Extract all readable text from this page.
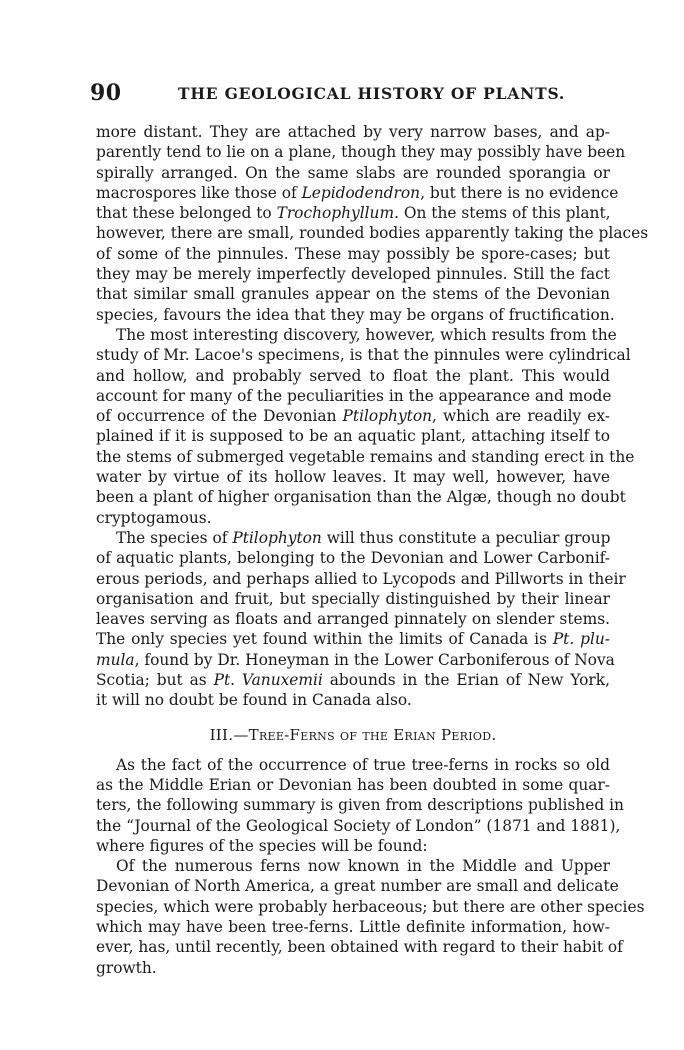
90	THE GEOLOGICAL HISTORY OF PLANTS.
more distant. They are attached by very narrow bases, and ap-
parently tend to lie on a plane, though they may possibly have been
spirally arranged. On the same slabs are rounded sporangia or
macrospores like those of Lepidodendron, but there is no evidence
that these belonged to Trochophyllum. On the stems of this plant,
however, there are small, rounded bodies apparently taking the places
of some of the pinnules. These may possibly be spore-cases; but
they may be merely imperfectly developed pinnules. Still the fact
that similar small granules appear on the stems of the Devonian
species, favours the idea that they may be organs of fructification.
The most interesting discovery, however, which results from the
study of Mr. Lacoe's specimens, is that the pinnules were cylindrical
and hollow, and probably served to float the plant. This would
account for many of the peculiarities in the appearance and mode
of occurrence of the Devonian Ptilophyton, which are readily ex-
plained if it is supposed to be an aquatic plant, attaching itself to
the stems of submerged vegetable remains and standing erect in the
water by virtue of its hollow leaves. It may well, however, have
been a plant of higher organisation than the Algæ, though no doubt
cryptogamous.
The species of Ptilophyton will thus constitute a peculiar group
of aquatic plants, belonging to the Devonian and Lower Carbonif-
erous periods, and perhaps allied to Lycopods and Pillworts in their
organisation and fruit, but specially distinguished by their linear
leaves serving as floats and arranged pinnately on slender stems.
The only species yet found within the limits of Canada is Pt. plu-
mula, found by Dr. Honeyman in the Lower Carboniferous of Nova
Scotia; but as Pt. Vanuxemii abounds in the Erian of New York,
it will no doubt be found in Canada also.
III.—Tree-Ferns of the Erian Period.
As the fact of the occurrence of true tree-ferns in rocks so old
as the Middle Erian or Devonian has been doubted in some quar-
ters, the following summary is given from descriptions published in
the “Journal of the Geological Society of London” (1871 and 1881),
where figures of the species will be found:
Of the numerous ferns now known in the Middle and Upper
Devonian of North America, a great number are small and delicate
species, which were probably herbaceous; but there are other species
which may have been tree-ferns. Little definite information, how-
ever, has, until recently, been obtained with regard to their habit of
growth.
